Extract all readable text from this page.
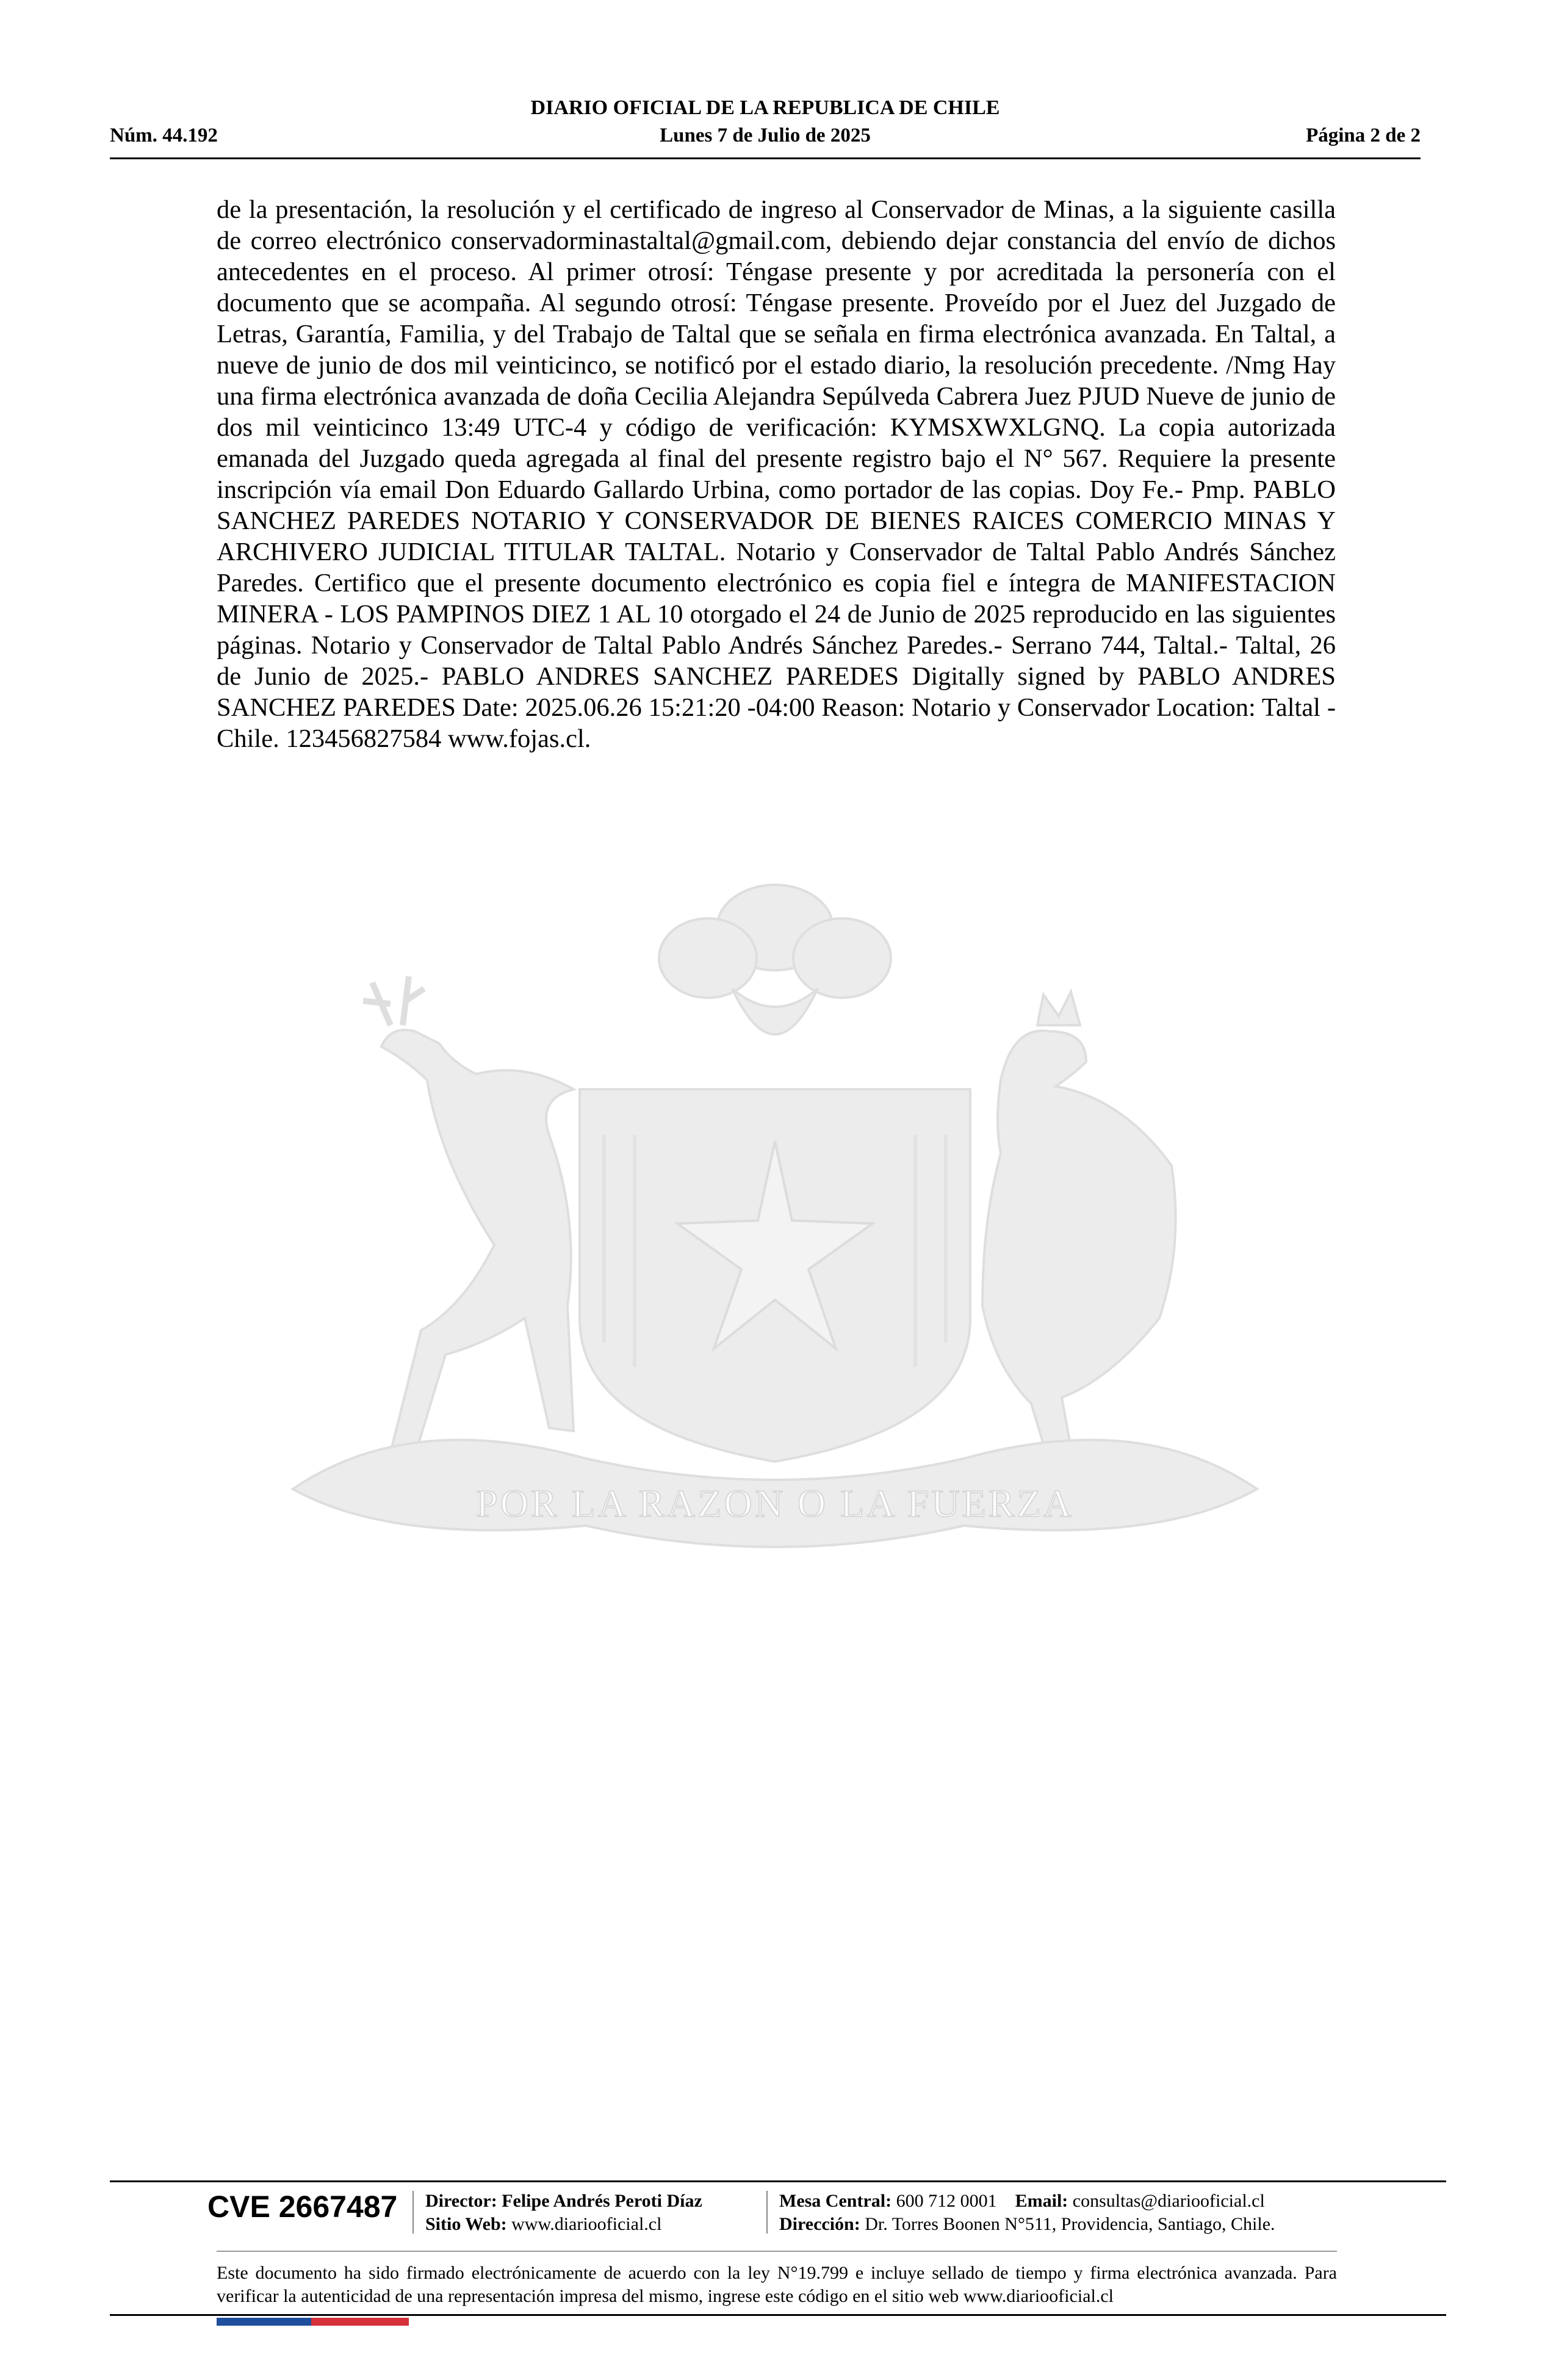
DIARIO OFICIAL DE LA REPUBLICA DE CHILE
Núm. 44.192	Lunes 7 de Julio de 2025	Página 2 de 2
de la presentación, la resolución y el certificado de ingreso al Conservador de Minas, a la siguiente casilla de correo electrónico conservadorminastaltal@gmail.com, debiendo dejar constancia del envío de dichos antecedentes en el proceso. Al primer otrosí: Téngase presente y por acreditada la personería con el documento que se acompaña. Al segundo otrosí: Téngase presente. Proveído por el Juez del Juzgado de Letras, Garantía, Familia, y del Trabajo de Taltal que se señala en firma electrónica avanzada. En Taltal, a nueve de junio de dos mil veinticinco, se notificó por el estado diario, la resolución precedente. /Nmg Hay una firma electrónica avanzada de doña Cecilia Alejandra Sepúlveda Cabrera Juez PJUD Nueve de junio de dos mil veinticinco 13:49 UTC-4 y código de verificación: KYMSXWXLGNQ. La copia autorizada emanada del Juzgado queda agregada al final del presente registro bajo el N° 567. Requiere la presente inscripción vía email Don Eduardo Gallardo Urbina, como portador de las copias. Doy Fe.- Pmp. PABLO SANCHEZ PAREDES NOTARIO Y CONSERVADOR DE BIENES RAICES COMERCIO MINAS Y ARCHIVERO JUDICIAL TITULAR TALTAL. Notario y Conservador de Taltal Pablo Andrés Sánchez Paredes. Certifico que el presente documento electrónico es copia fiel e íntegra de MANIFESTACION MINERA - LOS PAMPINOS DIEZ 1 AL 10 otorgado el 24 de Junio de 2025 reproducido en las siguientes páginas. Notario y Conservador de Taltal Pablo Andrés Sánchez Paredes.- Serrano 744, Taltal.- Taltal, 26 de Junio de 2025.- PABLO ANDRES SANCHEZ PAREDES Digitally signed by PABLO ANDRES SANCHEZ PAREDES Date: 2025.06.26 15:21:20 -04:00 Reason: Notario y Conservador Location: Taltal - Chile. 123456827584 www.fojas.cl.
POR LA RAZON O LA FUERZA
CVE 2667487 Director: Felipe Andrés Peroti Díaz
Sitio Web: www.diariooficial.cl
Mesa Central: 600 712 0001 Email: consultas@diariooficial.cl
Dirección: Dr. Torres Boonen N°511, Providencia, Santiago, Chile.
Este documento ha sido firmado electrónicamente de acuerdo con la ley N°19.799 e incluye sellado de tiempo y firma electrónica avanzada. Para verificar la autenticidad de una representación impresa del mismo, ingrese este código en el sitio web www.diariooficial.cl
